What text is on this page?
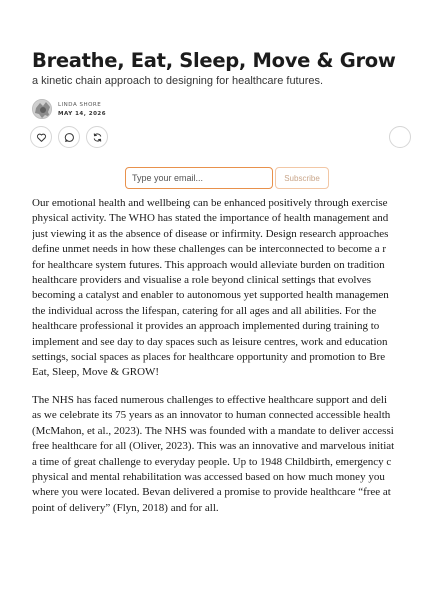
Breathe, Eat, Sleep, Move & Grow
a kinetic chain approach to designing for healthcare futures.
LINDA SHORE
MAY 14, 2026
Type your email...
Subscribe

Our emotional health and wellbeing can be enhanced positively through exercise
physical activity. The WHO has stated the importance of health management and
just viewing it as the absence of disease or infirmity. Design research approaches
define unmet needs in how these challenges can be interconnected to become a r
for healthcare system futures. This approach would alleviate burden on tradition
healthcare providers and visualise a role beyond clinical settings that evolves
becoming a catalyst and enabler to autonomous yet supported health managemen
the individual across the lifespan, catering for all ages and all abilities. For the
healthcare professional it provides an approach implemented during training to
implement and see day to day spaces such as leisure centres, work and education
settings, social spaces as places for healthcare opportunity and promotion to Bre
Eat, Sleep, Move & GROW!

The NHS has faced numerous challenges to effective healthcare support and deli
as we celebrate its 75 years as an innovator to human connected accessible health
(McMahon, et al., 2023). The NHS was founded with a mandate to deliver accessi
free healthcare for all (Oliver, 2023). This was an innovative and marvelous initiat
a time of great challenge to everyday people. Up to 1948 Childbirth, emergency c
physical and mental rehabilitation was accessed based on how much money you
where you were located. Bevan delivered a promise to provide healthcare “free at
point of delivery” (Flyn, 2018) and for all.
